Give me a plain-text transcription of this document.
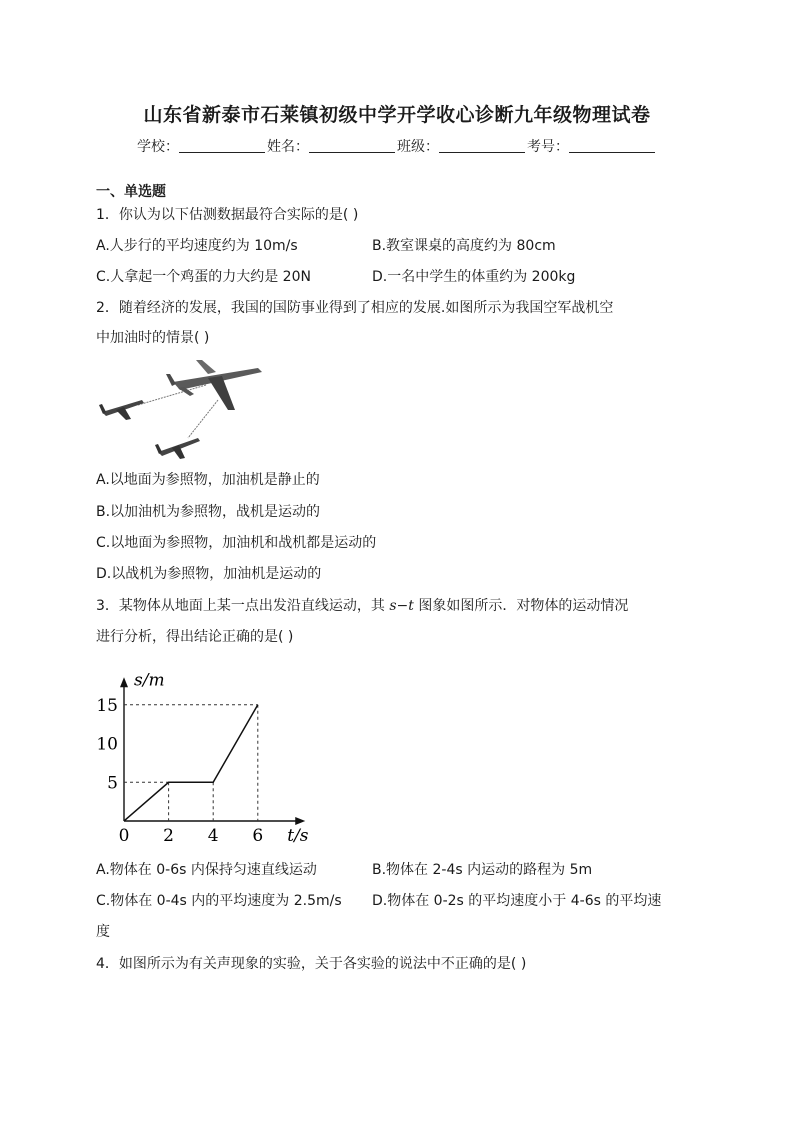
山东省新泰市石莱镇初级中学开学收心诊断九年级物理试卷
学校：	姓名：	班级：	考号：
一、单选题
1．你认为以下估测数据最符合实际的是( )
A.人步行的平均速度约为 10m/s	B.教室课桌的高度约为 80cm
C.人拿起一个鸡蛋的力大约是 20N	D.一名中学生的体重约为 200kg
2．随着经济的发展，我国的国防事业得到了相应的发展.如图所示为我国空军战机空
中加油时的情景( )
A.以地面为参照物，加油机是静止的
B.以加油机为参照物，战机是运动的
C.以地面为参照物，加油机和战机都是运动的
D.以战机为参照物，加油机是运动的
3．某物体从地面上某一点出发沿直线运动，其 s−t 图象如图所示．对物体的运动情况
进行分析，得出结论正确的是( )
0 2 4 6
5
10
15
t/s
s/m
A.物体在 0-6s 内保持匀速直线运动	B.物体在 2-4s 内运动的路程为 5m
C.物体在 0-4s 内的平均速度为 2.5m/s D.物体在 0-2s 的平均速度小于 4-6s 的平均速
度
4．如图所示为有关声现象的实验，关于各实验的说法中不正确的是( )
